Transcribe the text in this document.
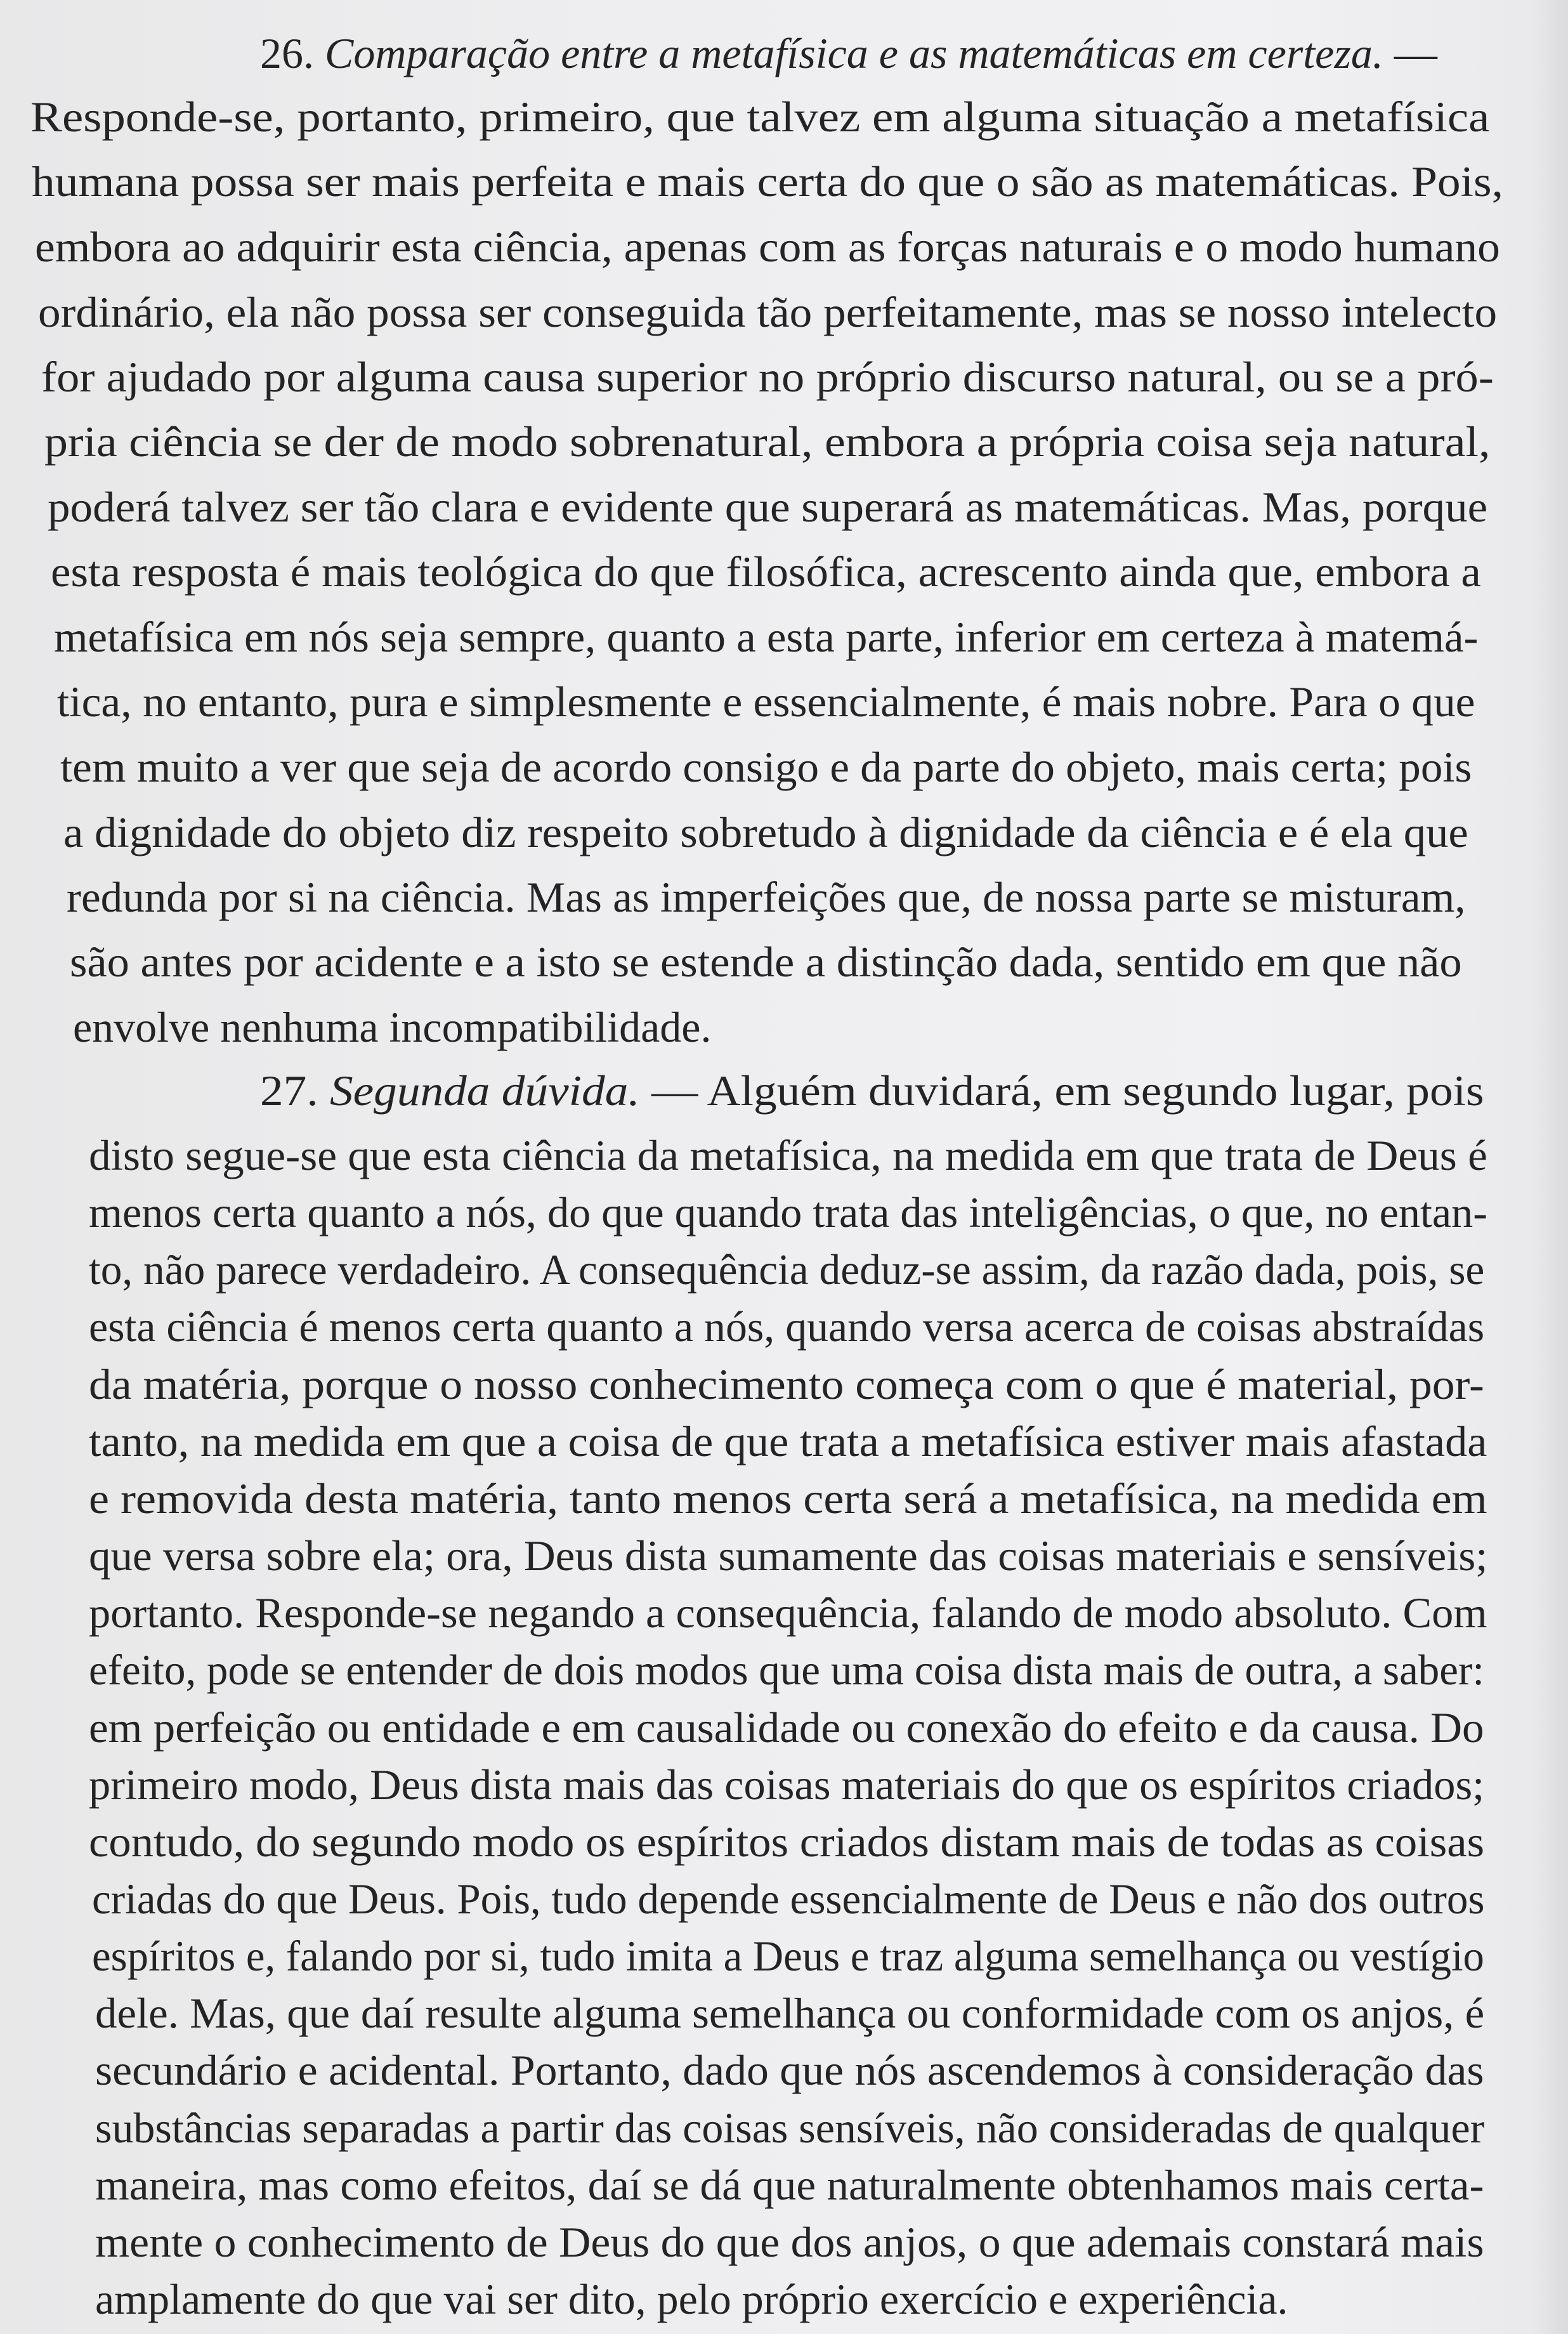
26. Comparação entre a metafísica e as matemáticas em certeza. —
Responde-se, portanto, primeiro, que talvez em alguma situação a metafísica
humana possa ser mais perfeita e mais certa do que o são as matemáticas. Pois,
embora ao adquirir esta ciência, apenas com as forças naturais e o modo humano
ordinário, ela não possa ser conseguida tão perfeitamente, mas se nosso intelecto
for ajudado por alguma causa superior no próprio discurso natural, ou se a pró-
pria ciência se der de modo sobrenatural, embora a própria coisa seja natural,
poderá talvez ser tão clara e evidente que superará as matemáticas. Mas, porque
esta resposta é mais teológica do que filosófica, acrescento ainda que, embora a
metafísica em nós seja sempre, quanto a esta parte, inferior em certeza à matemá-
tica, no entanto, pura e simplesmente e essencialmente, é mais nobre. Para o que
tem muito a ver que seja de acordo consigo e da parte do objeto, mais certa; pois
a dignidade do objeto diz respeito sobretudo à dignidade da ciência e é ela que
redunda por si na ciência. Mas as imperfeições que, de nossa parte se misturam,
são antes por acidente e a isto se estende a distinção dada, sentido em que não
envolve nenhuma incompatibilidade.
27. Segunda dúvida. — Alguém duvidará, em segundo lugar, pois
disto segue-se que esta ciência da metafísica, na medida em que trata de Deus é
menos certa quanto a nós, do que quando trata das inteligências, o que, no entan-
to, não parece verdadeiro. A consequência deduz-se assim, da razão dada, pois, se
esta ciência é menos certa quanto a nós, quando versa acerca de coisas abstraídas
da matéria, porque o nosso conhecimento começa com o que é material, por-
tanto, na medida em que a coisa de que trata a metafísica estiver mais afastada
e removida desta matéria, tanto menos certa será a metafísica, na medida em
que versa sobre ela; ora, Deus dista sumamente das coisas materiais e sensíveis;
portanto. Responde-se negando a consequência, falando de modo absoluto. Com
efeito, pode se entender de dois modos que uma coisa dista mais de outra, a saber:
em perfeição ou entidade e em causalidade ou conexão do efeito e da causa. Do
primeiro modo, Deus dista mais das coisas materiais do que os espíritos criados;
contudo, do segundo modo os espíritos criados distam mais de todas as coisas
criadas do que Deus. Pois, tudo depende essencialmente de Deus e não dos outros
espíritos e, falando por si, tudo imita a Deus e traz alguma semelhança ou vestígio
dele. Mas, que daí resulte alguma semelhança ou conformidade com os anjos, é
secundário e acidental. Portanto, dado que nós ascendemos à consideração das
substâncias separadas a partir das coisas sensíveis, não consideradas de qualquer
maneira, mas como efeitos, daí se dá que naturalmente obtenhamos mais certa-
mente o conhecimento de Deus do que dos anjos, o que ademais constará mais
amplamente do que vai ser dito, pelo próprio exercício e experiência.
